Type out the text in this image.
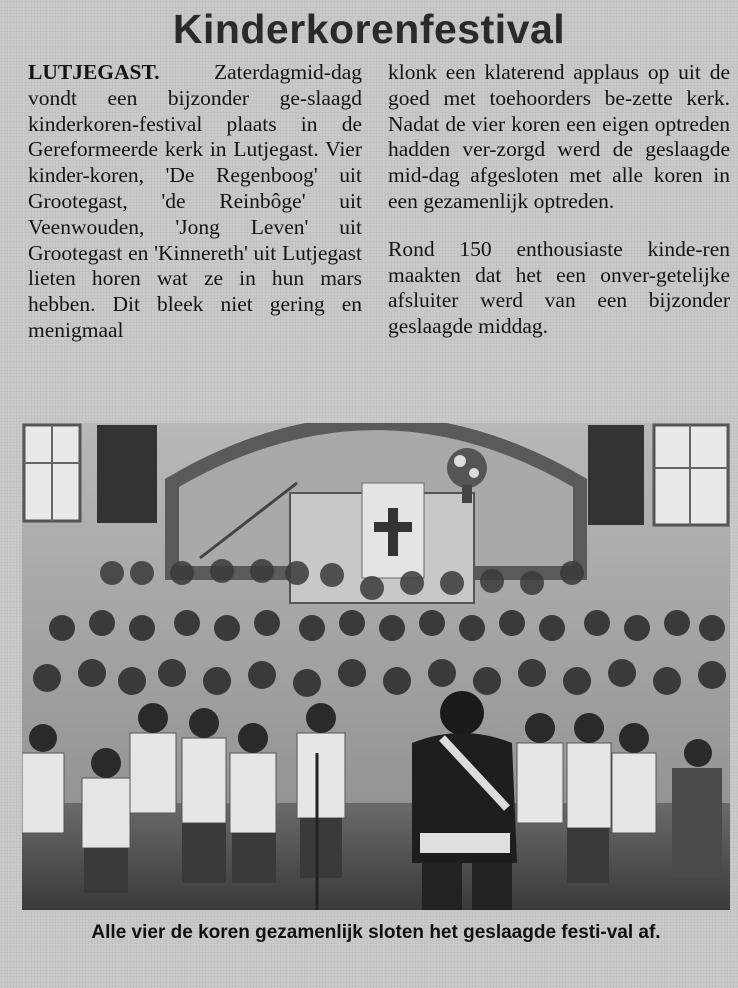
Kinderkorenfestival
LUTJEGAST. Zaterdagmid-dag vondt een bijzonder ge-slaagd kinderkoren-festival plaats in de Gereformeerde kerk in Lutjegast. Vier kinder-koren, 'De Regenboog' uit Grootegast, 'de Reinbôge' uit Veenwouden, 'Jong Leven' uit Grootegast en 'Kinnereth' uit Lutjegast lieten horen wat ze in hun mars hebben. Dit bleek niet gering en menigmaal
klonk een klaterend applaus op uit de goed met toehoorders be-zette kerk. Nadat de vier koren een eigen optreden hadden ver-zorgd werd de geslaagde mid-dag afgesloten met alle koren in een gezamenlijk optreden.
Rond 150 enthousiaste kinde-ren maakten dat het een onver-getelijke afsluiter werd van een bijzonder geslaagde middag.
Alle vier de koren gezamenlijk sloten het geslaagde festi-val af.
